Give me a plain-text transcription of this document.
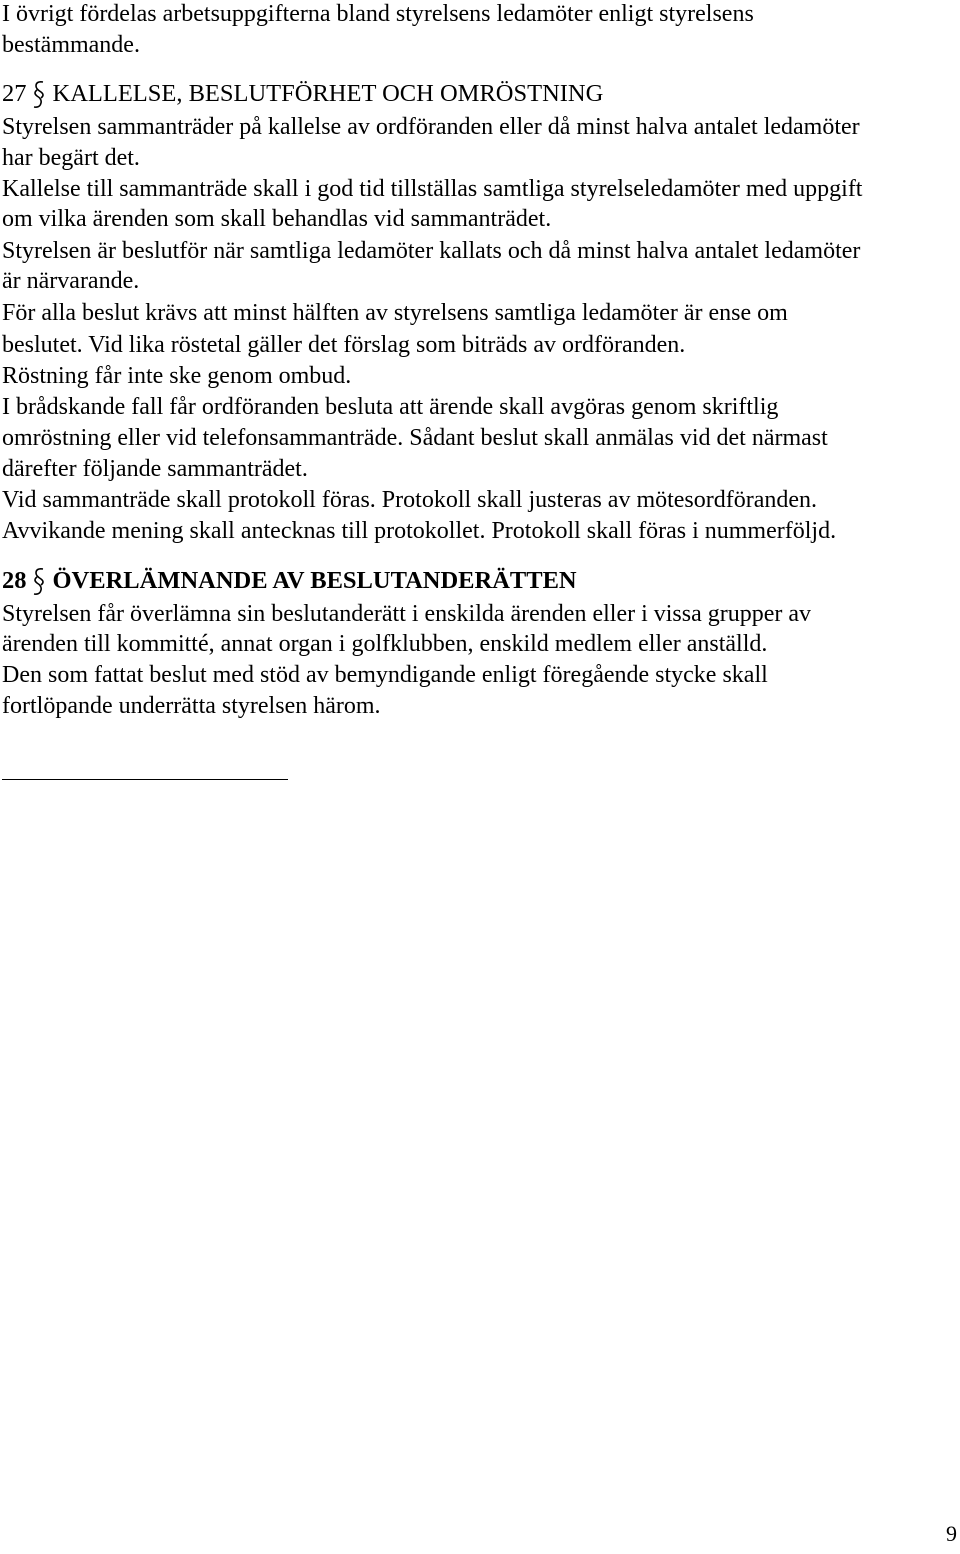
I övrigt fördelas arbetsuppgifterna bland styrelsens ledamöter enligt styrelsens
bestämmande.
27 KALLELSE, BESLUTFÖRHET OCH OMRÖSTNING
Styrelsen sammanträder på kallelse av ordföranden eller då minst halva antalet ledamöter
har begärt det.
Kallelse till sammanträde skall i god tid tillställas samtliga styrelseledamöter med uppgift
om vilka ärenden som skall behandlas vid sammanträdet.
Styrelsen är beslutför när samtliga ledamöter kallats och då minst halva antalet ledamöter
är närvarande.
För alla beslut krävs att minst hälften av styrelsens samtliga ledamöter är ense om
beslutet. Vid lika röstetal gäller det förslag som biträds av ordföranden.
Röstning får inte ske genom ombud.
I brådskande fall får ordföranden besluta att ärende skall avgöras genom skriftlig
omröstning eller vid telefonsammanträde. Sådant beslut skall anmälas vid det närmast
därefter följande sammanträdet.
Vid sammanträde skall protokoll föras. Protokoll skall justeras av mötesordföranden.
Avvikande mening skall antecknas till protokollet. Protokoll skall föras i nummerföljd.
28 ÖVERLÄMNANDE AV BESLUTANDERÄTTEN
Styrelsen får överlämna sin beslutanderätt i enskilda ärenden eller i vissa grupper av
ärenden till kommitté, annat organ i golfklubben, enskild medlem eller anställd.
Den som fattat beslut med stöd av bemyndigande enligt föregående stycke skall
fortlöpande underrätta styrelsen härom.
9
